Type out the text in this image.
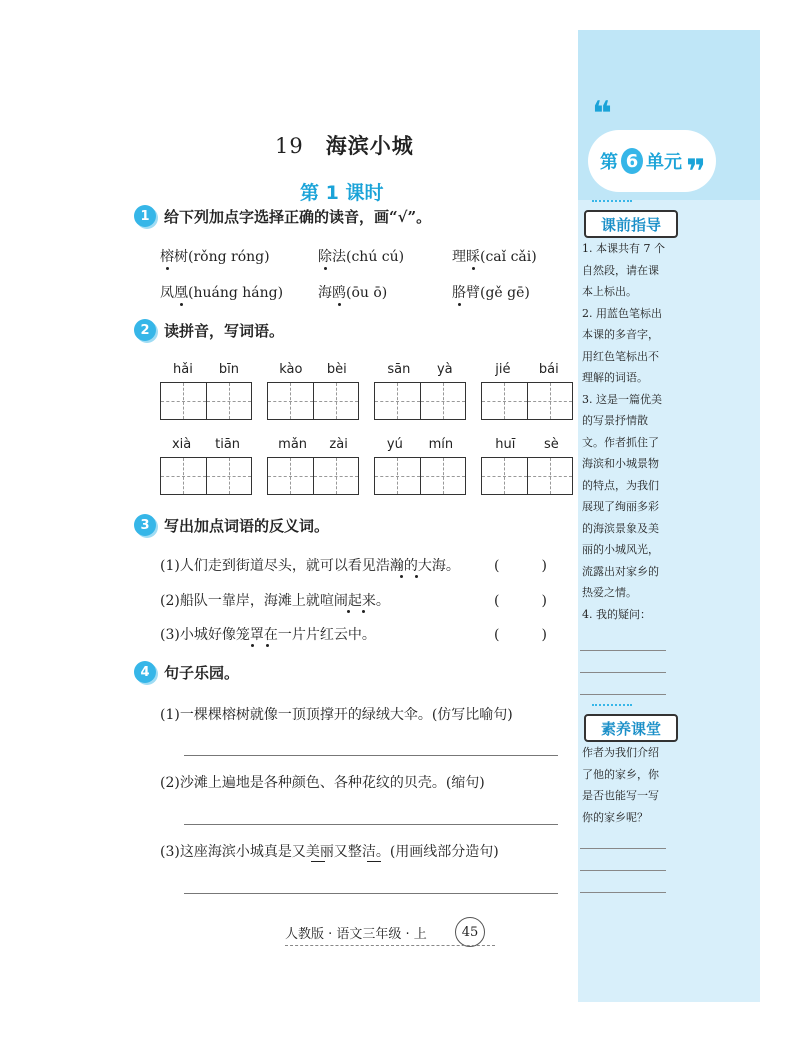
19 海滨小城
第 1 课时
1 给下列加点字选择正确的读音，画“√”。
榕树(rǒng róng)	除法(chú cú)	理睬(caǐ cǎi)
凤凰(huáng háng) 海鸥(ōu ō)	胳臂(gě gē)
2 读拼音，写词语。
hǎi bīn	kào bèi	sān yà	jié bái
xià tiān	mǎn zài	yú mín	huī sè
3 写出加点词语的反义词。
(1)人们走到街道尽头，就可以看见浩瀚的大海。 (　　　)
(2)船队一靠岸，海滩上就喧闹起来。	(　　　)
(3)小城好像笼罩在一片片红云中。	(　　　)
4 句子乐园。
(1)一棵棵榕树就像一顶顶撑开的绿绒大伞。(仿写比喻句)
(2)沙滩上遍地是各种颜色、各种花纹的贝壳。(缩句)
(3)这座海滨小城真是又美丽又整洁。(用画线部分造句)
人教版 · 语文三年级 · 上	45
❝
❞
第 6 单元
课前指导
1. 本课共有 7 个
自然段，请在课
本上标出。
2. 用蓝色笔标出
本课的多音字，
用红色笔标出不
理解的词语。
3. 这是一篇优美
的写景抒情散
文。作者抓住了
海滨和小城景物
的特点，为我们
展现了绚丽多彩
的海滨景象及美
丽的小城风光，
流露出对家乡的
热爱之情。
4. 我的疑问：
素养课堂
作者为我们介绍
了他的家乡，你
是否也能写一写
你的家乡呢？
